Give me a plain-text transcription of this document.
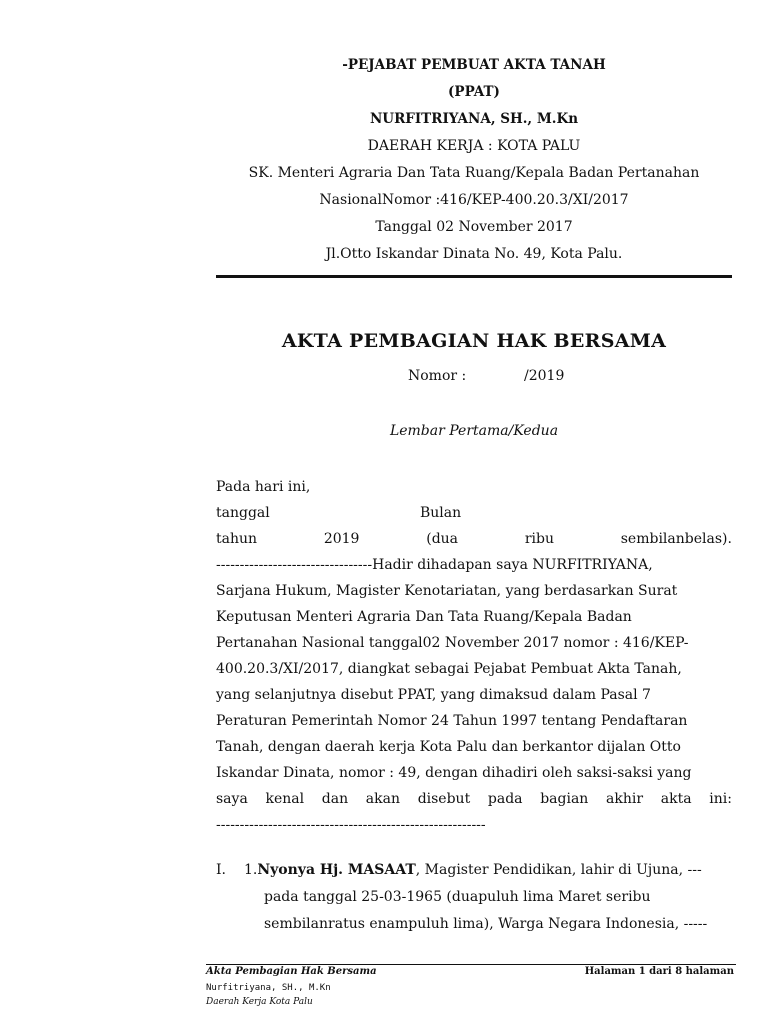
-PEJABAT PEMBUAT AKTA TANAH
(PPAT)
NURFITRIYANA, SH., M.Kn
DAERAH KERJA : KOTA PALU
SK. Menteri Agraria Dan Tata Ruang/Kepala Badan Pertanahan
NasionalNomor :416/KEP-400.20.3/XI/2017
Tanggal 02 November 2017
Jl.Otto Iskandar Dinata No. 49, Kota Palu.
AKTA PEMBAGIAN HAK BERSAMA
Nomor :	/2019
Lembar Pertama/Kedua
Pada hari ini,
tanggal	Bulan
tahun	2019	(dua	ribu	sembilanbelas).
---------------------------------Hadir dihadapan saya NURFITRIYANA,
Sarjana Hukum, Magister Kenotariatan, yang berdasarkan Surat
Keputusan Menteri Agraria Dan Tata Ruang/Kepala Badan
Pertanahan Nasional tanggal02 November 2017 nomor : 416/KEP-
400.20.3/XI/2017, diangkat sebagai Pejabat Pembuat Akta Tanah,
yang selanjutnya disebut PPAT, yang dimaksud dalam Pasal 7
Peraturan Pemerintah Nomor 24 Tahun 1997 tentang Pendaftaran
Tanah, dengan daerah kerja Kota Palu dan berkantor dijalan Otto
Iskandar Dinata, nomor : 49, dengan dihadiri oleh saksi-saksi yang
saya kenal dan akan disebut pada bagian akhir akta ini:
---------------------------------------------------------
I. 1.Nyonya Hj. MASAAT, Magister Pendidikan, lahir di Ujuna, ---
pada tanggal 25-03-1965 (duapuluh lima Maret seribu
sembilanratus enampuluh lima), Warga Negara Indonesia, -----
Akta Pembagian Hak Bersama
Nurfitriyana, SH., M.Kn
Daerah Kerja Kota Palu
Halaman 1 dari 8 halaman
